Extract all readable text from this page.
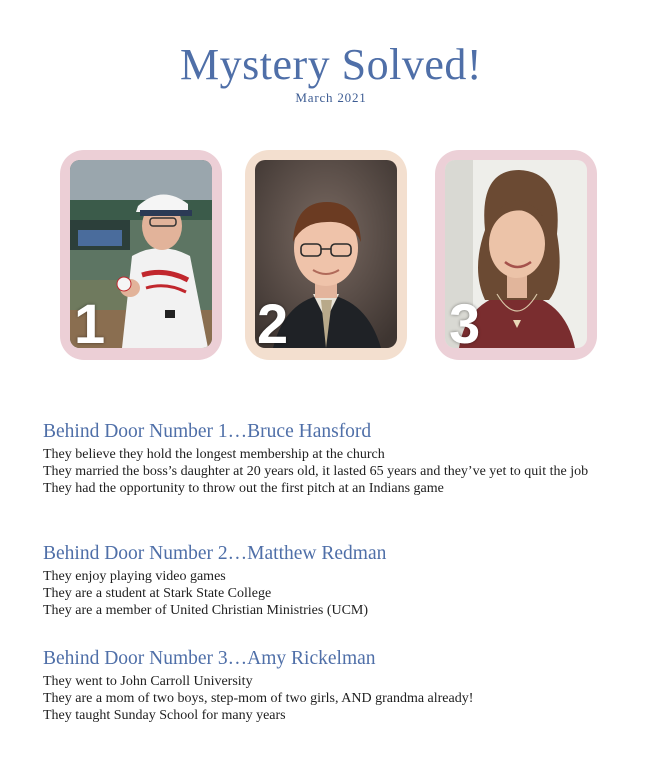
Mystery Solved!
March 2021
1	2	3
Behind Door Number 1…Bruce Hansford
They believe they hold the longest membership at the church
They married the boss’s daughter at 20 years old, it lasted 65 years and they’ve yet to quit the job
They had the opportunity to throw out the first pitch at an Indians game
Behind Door Number 2…Matthew Redman
They enjoy playing video games
They are a student at Stark State College
They are a member of United Christian Ministries (UCM)
Behind Door Number 3…Amy Rickelman
They went to John Carroll University
They are a mom of two boys, step-mom of two girls, AND grandma already!
They taught Sunday School for many years
